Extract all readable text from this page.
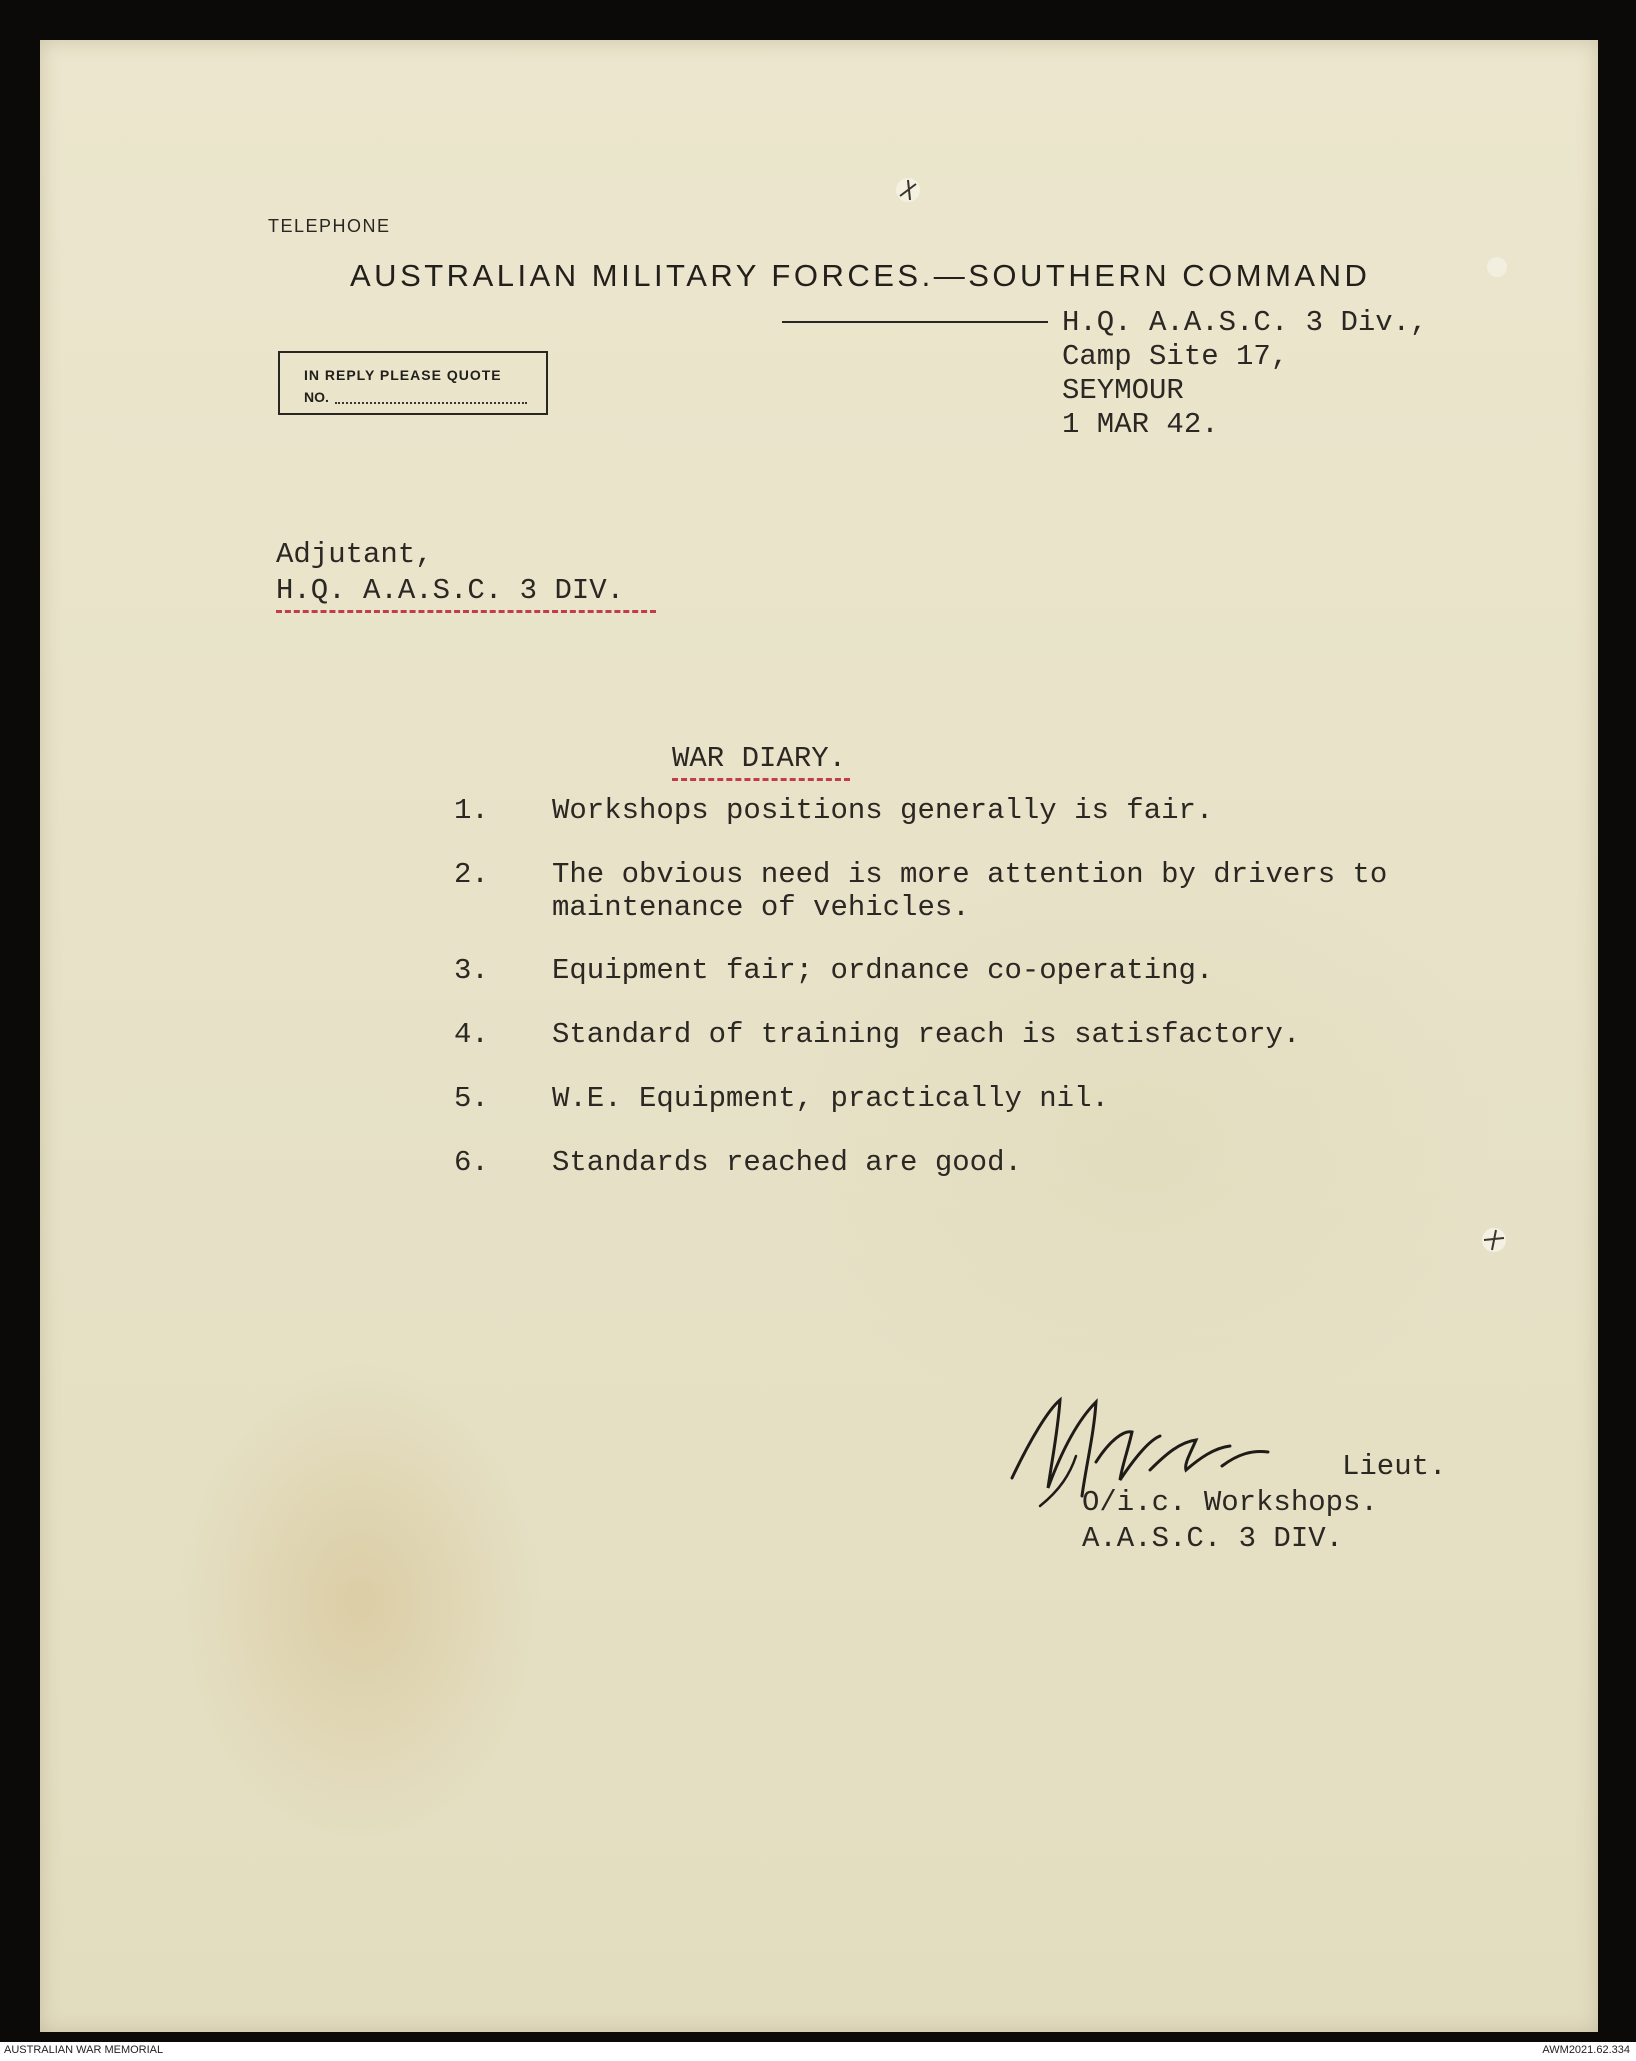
TELEPHONE
AUSTRALIAN MILITARY FORCES.—SOUTHERN COMMAND
IN REPLY PLEASE QUOTE
NO.
H.Q. A.A.S.C. 3 Div.,
Camp Site 17,
SEYMOUR
1 MAR 42.
Adjutant,
H.Q. A.A.S.C. 3 DIV.
WAR DIARY.
1. Workshops positions generally is fair.
2. The obvious need is more attention by drivers to
maintenance of vehicles.
3. Equipment fair; ordnance co-operating.
4. Standard of training reach is satisfactory.
5. W.E. Equipment, practically nil.
6. Standards reached are good.
Lieut.
O/i.c. Workshops.
A.A.S.C. 3 DIV.
AUSTRALIAN WAR MEMORIAL	AWM2021.62.334
